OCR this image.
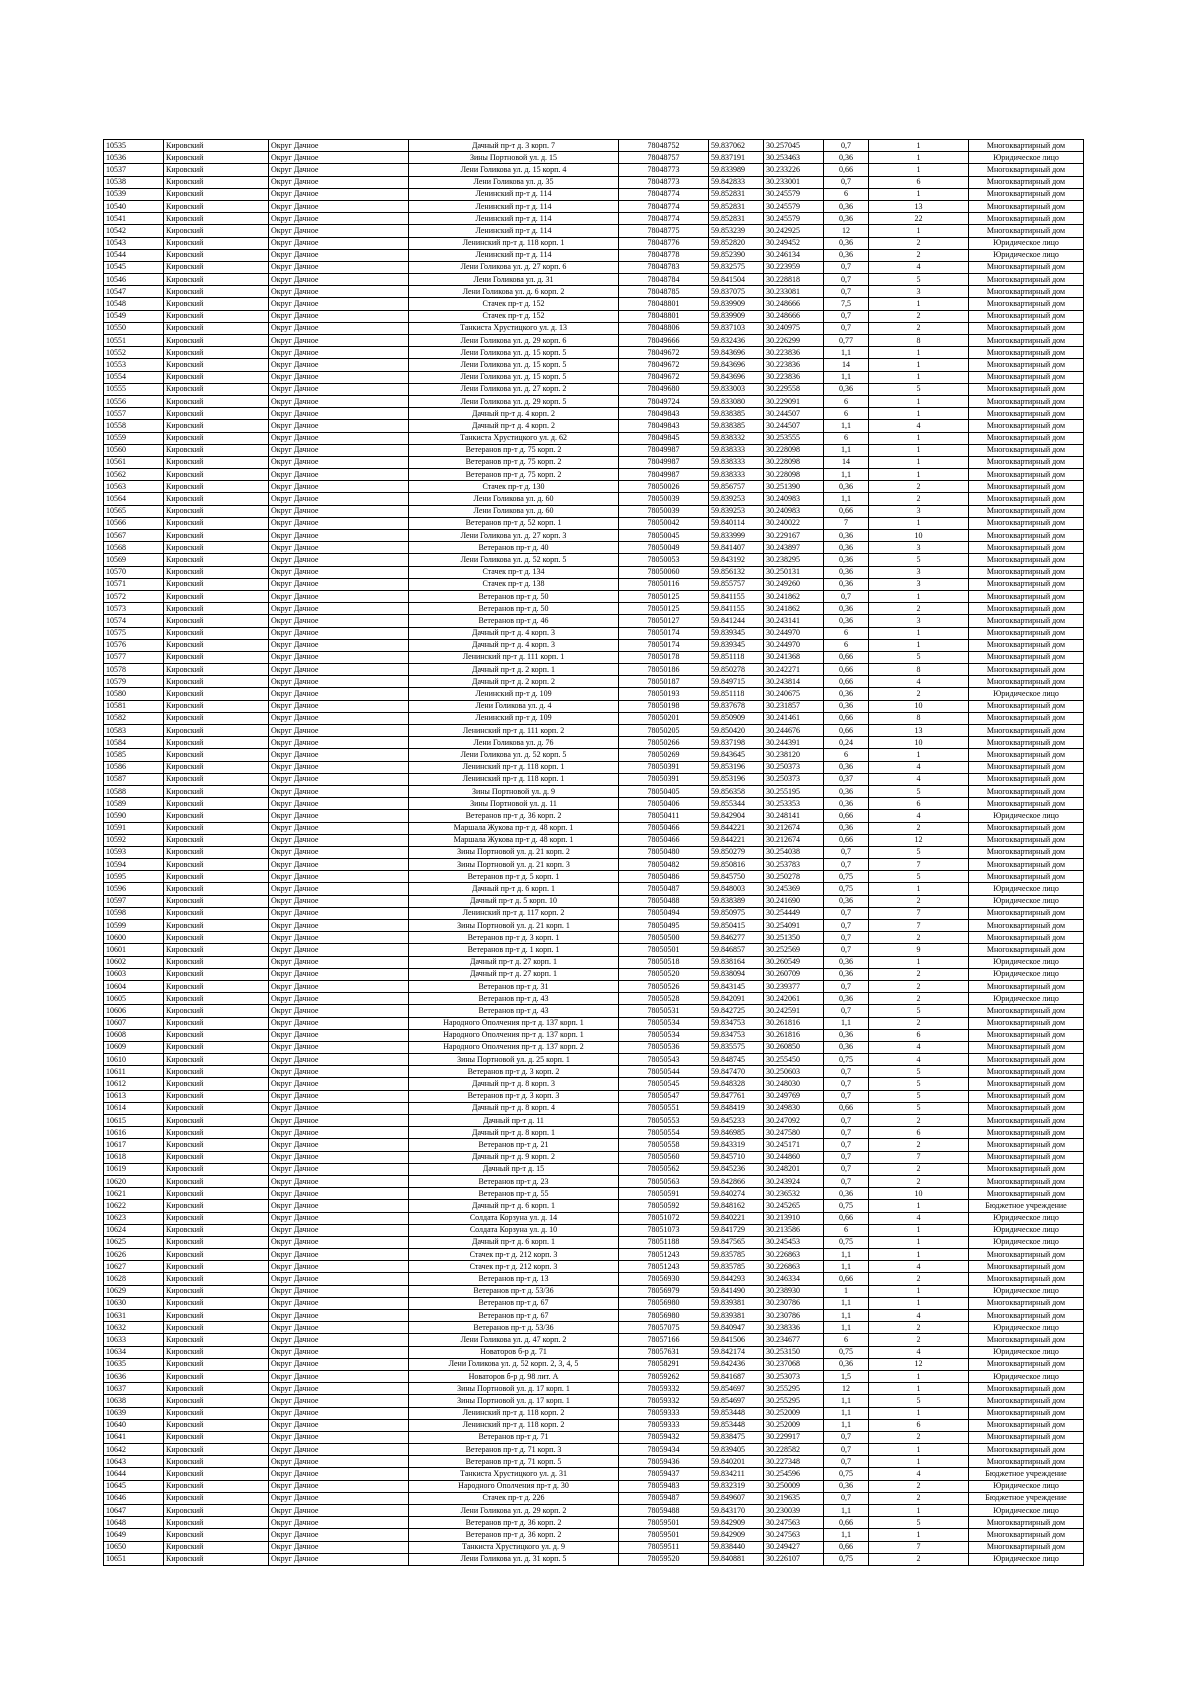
10535	Кировский	Округ Дачное	Дачный пр-т д. 3 корп. 7	78048752	59.837062	30.257045	0,7	1	Многоквартирный дом
10536	Кировский	Округ Дачное	Зины Портновой ул. д. 15	78048757	59.837191	30.253463	0,36	1	Юридическое лицо
10537	Кировский	Округ Дачное	Лени Голикова ул. д. 15 корп. 4	78048773	59.833989	30.233226	0,66	1	Многоквартирный дом
10538	Кировский	Округ Дачное	Лени Голикова ул. д. 35	78048773	59.842833	30.233001	0,7	6	Многоквартирный дом
10539	Кировский	Округ Дачное	Ленинский пр-т д. 114	78048774	59.852831	30.245579	6	1	Многоквартирный дом
10540	Кировский	Округ Дачное	Ленинский пр-т д. 114	78048774	59.852831	30.245579	0,36	13	Многоквартирный дом
10541	Кировский	Округ Дачное	Ленинский пр-т д. 114	78048774	59.852831	30.245579	0,36	22	Многоквартирный дом
10542	Кировский	Округ Дачное	Ленинский пр-т д. 114	78048775	59.853239	30.242925	12	1	Многоквартирный дом
10543	Кировский	Округ Дачное	Ленинский пр-т д. 118 корп. 1	78048776	59.852820	30.249452	0,36	2	Юридическое лицо
10544	Кировский	Округ Дачное	Ленинский пр-т д. 114	78048778	59.852390	30.246134	0,36	2	Юридическое лицо
10545	Кировский	Округ Дачное	Лени Голикова ул. д. 27 корп. 6	78048783	59.832575	30.223959	0,7	4	Многоквартирный дом
10546	Кировский	Округ Дачное	Лени Голикова ул. д. 31	78048784	59.841504	30.228818	0,7	5	Многоквартирный дом
10547	Кировский	Округ Дачное	Лени Голикова ул. д. 6 корп. 2	78048785	59.837075	30.233081	0,7	3	Многоквартирный дом
10548	Кировский	Округ Дачное	Стачек пр-т д. 152	78048801	59.839909	30.248666	7,5	1	Многоквартирный дом
10549	Кировский	Округ Дачное	Стачек пр-т д. 152	78048801	59.839909	30.248666	0,7	2	Многоквартирный дом
10550	Кировский	Округ Дачное	Танкиста Хрустицкого ул. д. 13	78048806	59.837103	30.240975	0,7	2	Многоквартирный дом
10551	Кировский	Округ Дачное	Лени Голикова ул. д. 29 корп. 6	78049666	59.832436	30.226299	0,77	8	Многоквартирный дом
10552	Кировский	Округ Дачное	Лени Голикова ул. д. 15 корп. 5	78049672	59.843696	30.223836	1,1	1	Многоквартирный дом
10553	Кировский	Округ Дачное	Лени Голикова ул. д. 15 корп. 5	78049672	59.843696	30.223836	14	1	Многоквартирный дом
10554	Кировский	Округ Дачное	Лени Голикова ул. д. 15 корп. 5	78049672	59.843696	30.223836	1,1	1	Многоквартирный дом
10555	Кировский	Округ Дачное	Лени Голикова ул. д. 27 корп. 2	78049680	59.833003	30.229558	0,36	5	Многоквартирный дом
10556	Кировский	Округ Дачное	Лени Голикова ул. д. 29 корп. 5	78049724	59.833080	30.229091	6	1	Многоквартирный дом
10557	Кировский	Округ Дачное	Дачный пр-т д. 4 корп. 2	78049843	59.838385	30.244507	6	1	Многоквартирный дом
10558	Кировский	Округ Дачное	Дачный пр-т д. 4 корп. 2	78049843	59.838385	30.244507	1,1	4	Многоквартирный дом
10559	Кировский	Округ Дачное	Танкиста Хрустицкого ул. д. 62	78049845	59.838332	30.253555	6	1	Многоквартирный дом
10560	Кировский	Округ Дачное	Ветеранов пр-т д. 75 корп. 2	78049987	59.838333	30.228098	1,1	1	Многоквартирный дом
10561	Кировский	Округ Дачное	Ветеранов пр-т д. 75 корп. 2	78049987	59.838333	30.228098	14	1	Многоквартирный дом
10562	Кировский	Округ Дачное	Ветеранов пр-т д. 75 корп. 2	78049987	59.838333	30.228098	1,1	1	Многоквартирный дом
10563	Кировский	Округ Дачное	Стачек пр-т д. 130	78050026	59.856757	30.251390	0,36	2	Многоквартирный дом
10564	Кировский	Округ Дачное	Лени Голикова ул. д. 60	78050039	59.839253	30.240983	1,1	2	Многоквартирный дом
10565	Кировский	Округ Дачное	Лени Голикова ул. д. 60	78050039	59.839253	30.240983	0,66	3	Многоквартирный дом
10566	Кировский	Округ Дачное	Ветеранов пр-т д. 52 корп. 1	78050042	59.840114	30.240022	7	1	Многоквартирный дом
10567	Кировский	Округ Дачное	Лени Голикова ул. д. 27 корп. 3	78050045	59.833999	30.229167	0,36	10	Многоквартирный дом
10568	Кировский	Округ Дачное	Ветеранов пр-т д. 40	78050049	59.841407	30.243897	0,36	3	Многоквартирный дом
10569	Кировский	Округ Дачное	Лени Голикова ул. д. 52 корп. 5	78050053	59.843192	30.238295	0,36	5	Многоквартирный дом
10570	Кировский	Округ Дачное	Стачек пр-т д. 134	78050060	59.856132	30.250131	0,36	3	Многоквартирный дом
10571	Кировский	Округ Дачное	Стачек пр-т д. 138	78050116	59.855757	30.249260	0,36	3	Многоквартирный дом
10572	Кировский	Округ Дачное	Ветеранов пр-т д. 50	78050125	59.841155	30.241862	0,7	1	Многоквартирный дом
10573	Кировский	Округ Дачное	Ветеранов пр-т д. 50	78050125	59.841155	30.241862	0,36	2	Многоквартирный дом
10574	Кировский	Округ Дачное	Ветеранов пр-т д. 46	78050127	59.841244	30.243141	0,36	3	Многоквартирный дом
10575	Кировский	Округ Дачное	Дачный пр-т д. 4 корп. 3	78050174	59.839345	30.244970	6	1	Многоквартирный дом
10576	Кировский	Округ Дачное	Дачный пр-т д. 4 корп. 3	78050174	59.839345	30.244970	6	1	Многоквартирный дом
10577	Кировский	Округ Дачное	Ленинский пр-т д. 111 корп. 1	78050178	59.851118	30.241368	0,66	5	Многоквартирный дом
10578	Кировский	Округ Дачное	Дачный пр-т д. 2 корп. 1	78050186	59.850278	30.242271	0,66	8	Многоквартирный дом
10579	Кировский	Округ Дачное	Дачный пр-т д. 2 корп. 2	78050187	59.849715	30.243814	0,66	4	Многоквартирный дом
10580	Кировский	Округ Дачное	Ленинский пр-т д. 109	78050193	59.851118	30.240675	0,36	2	Юридическое лицо
10581	Кировский	Округ Дачное	Лени Голикова ул. д. 4	78050198	59.837678	30.231857	0,36	10	Многоквартирный дом
10582	Кировский	Округ Дачное	Ленинский пр-т д. 109	78050201	59.850909	30.241461	0,66	8	Многоквартирный дом
10583	Кировский	Округ Дачное	Ленинский пр-т д. 111 корп. 2	78050205	59.850420	30.244676	0,66	13	Многоквартирный дом
10584	Кировский	Округ Дачное	Лени Голикова ул. д. 76	78050266	59.837198	30.244391	0,24	10	Многоквартирный дом
10585	Кировский	Округ Дачное	Лени Голикова ул. д. 52 корп. 5	78050269	59.843645	30.238120	6	1	Многоквартирный дом
10586	Кировский	Округ Дачное	Ленинский пр-т д. 118 корп. 1	78050391	59.853196	30.250373	0,36	4	Многоквартирный дом
10587	Кировский	Округ Дачное	Ленинский пр-т д. 118 корп. 1	78050391	59.853196	30.250373	0,37	4	Многоквартирный дом
10588	Кировский	Округ Дачное	Зины Портновой ул. д. 9	78050405	59.856358	30.255195	0,36	5	Многоквартирный дом
10589	Кировский	Округ Дачное	Зины Портновой ул. д. 11	78050406	59.855344	30.253353	0,36	6	Многоквартирный дом
10590	Кировский	Округ Дачное	Ветеранов пр-т д. 36 корп. 2	78050411	59.842904	30.248141	0,66	4	Юридическое лицо
10591	Кировский	Округ Дачное	Маршала Жукова пр-т д. 48 корп. 1	78050466	59.844221	30.212674	0,36	2	Многоквартирный дом
10592	Кировский	Округ Дачное	Маршала Жукова пр-т д. 48 корп. 1	78050466	59.844221	30.212674	0,66	12	Многоквартирный дом
10593	Кировский	Округ Дачное	Зины Портновой ул. д. 21 корп. 2	78050480	59.850279	30.254038	0,7	5	Многоквартирный дом
10594	Кировский	Округ Дачное	Зины Портновой ул. д. 21 корп. 3	78050482	59.850816	30.253783	0,7	7	Многоквартирный дом
10595	Кировский	Округ Дачное	Ветеранов пр-т д. 5 корп. 1	78050486	59.845750	30.250278	0,75	5	Многоквартирный дом
10596	Кировский	Округ Дачное	Дачный пр-т д. 6 корп. 1	78050487	59.848003	30.245369	0,75	1	Юридическое лицо
10597	Кировский	Округ Дачное	Дачный пр-т д. 5 корп. 10	78050488	59.838389	30.241690	0,36	2	Юридическое лицо
10598	Кировский	Округ Дачное	Ленинский пр-т д. 117 корп. 2	78050494	59.850975	30.254449	0,7	7	Многоквартирный дом
10599	Кировский	Округ Дачное	Зины Портновой ул. д. 21 корп. 1	78050495	59.850415	30.254091	0,7	7	Многоквартирный дом
10600	Кировский	Округ Дачное	Ветеранов пр-т д. 3 корп. 1	78050500	59.846277	30.251350	0,7	2	Многоквартирный дом
10601	Кировский	Округ Дачное	Ветеранов пр-т д. 1 корп. 1	78050501	59.846857	30.252569	0,7	9	Многоквартирный дом
10602	Кировский	Округ Дачное	Дачный пр-т д. 27 корп. 1	78050518	59.838164	30.260549	0,36	1	Юридическое лицо
10603	Кировский	Округ Дачное	Дачный пр-т д. 27 корп. 1	78050520	59.838094	30.260709	0,36	2	Юридическое лицо
10604	Кировский	Округ Дачное	Ветеранов пр-т д. 31	78050526	59.843145	30.239377	0,7	2	Многоквартирный дом
10605	Кировский	Округ Дачное	Ветеранов пр-т д. 43	78050528	59.842091	30.242061	0,36	2	Юридическое лицо
10606	Кировский	Округ Дачное	Ветеранов пр-т д. 43	78050531	59.842725	30.242591	0,7	5	Многоквартирный дом
10607	Кировский	Округ Дачное	Народного Ополчения пр-т д. 137 корп. 1	78050534	59.834753	30.261816	1,1	2	Многоквартирный дом
10608	Кировский	Округ Дачное	Народного Ополчения пр-т д. 137 корп. 1	78050534	59.834753	30.261816	0,36	6	Многоквартирный дом
10609	Кировский	Округ Дачное	Народного Ополчения пр-т д. 137 корп. 2	78050536	59.835575	30.260850	0,36	4	Многоквартирный дом
10610	Кировский	Округ Дачное	Зины Портновой ул. д. 25 корп. 1	78050543	59.848745	30.255450	0,75	4	Многоквартирный дом
10611	Кировский	Округ Дачное	Ветеранов пр-т д. 3 корп. 2	78050544	59.847470	30.250603	0,7	5	Многоквартирный дом
10612	Кировский	Округ Дачное	Дачный пр-т д. 8 корп. 3	78050545	59.848328	30.248030	0,7	5	Многоквартирный дом
10613	Кировский	Округ Дачное	Ветеранов пр-т д. 3 корп. 3	78050547	59.847761	30.249769	0,7	5	Многоквартирный дом
10614	Кировский	Округ Дачное	Дачный пр-т д. 8 корп. 4	78050551	59.848419	30.249830	0,66	5	Многоквартирный дом
10615	Кировский	Округ Дачное	Дачный пр-т д. 11	78050553	59.845233	30.247092	0,7	2	Многоквартирный дом
10616	Кировский	Округ Дачное	Дачный пр-т д. 8 корп. 1	78050554	59.846985	30.247580	0,7	6	Многоквартирный дом
10617	Кировский	Округ Дачное	Ветеранов пр-т д. 21	78050558	59.843319	30.245171	0,7	2	Многоквартирный дом
10618	Кировский	Округ Дачное	Дачный пр-т д. 9 корп. 2	78050560	59.845710	30.244860	0,7	7	Многоквартирный дом
10619	Кировский	Округ Дачное	Дачный пр-т д. 15	78050562	59.845236	30.248201	0,7	2	Многоквартирный дом
10620	Кировский	Округ Дачное	Ветеранов пр-т д. 23	78050563	59.842866	30.243924	0,7	2	Многоквартирный дом
10621	Кировский	Округ Дачное	Ветеранов пр-т д. 55	78050591	59.840274	30.236532	0,36	10	Многоквартирный дом
10622	Кировский	Округ Дачное	Дачный пр-т д. 6 корп. 1	78050592	59.848162	30.245265	0,75	1	Бюджетное учреждение
10623	Кировский	Округ Дачное	Солдата Корзуна ул. д. 14	78051072	59.840221	30.213910	0,66	4	Юридическое лицо
10624	Кировский	Округ Дачное	Солдата Корзуна ул. д. 10	78051073	59.841729	30.213586	6	1	Юридическое лицо
10625	Кировский	Округ Дачное	Дачный пр-т д. 6 корп. 1	78051188	59.847565	30.245453	0,75	1	Юридическое лицо
10626	Кировский	Округ Дачное	Стачек пр-т д. 212 корп. 3	78051243	59.835785	30.226863	1,1	1	Многоквартирный дом
10627	Кировский	Округ Дачное	Стачек пр-т д. 212 корп. 3	78051243	59.835785	30.226863	1,1	4	Многоквартирный дом
10628	Кировский	Округ Дачное	Ветеранов пр-т д. 13	78056930	59.844293	30.246334	0,66	2	Многоквартирный дом
10629	Кировский	Округ Дачное	Ветеранов пр-т д. 53/36	78056979	59.841490	30.238930	1	1	Юридическое лицо
10630	Кировский	Округ Дачное	Ветеранов пр-т д. 67	78056980	59.839381	30.230786	1,1	1	Многоквартирный дом
10631	Кировский	Округ Дачное	Ветеранов пр-т д. 67	78056980	59.839381	30.230786	1,1	4	Многоквартирный дом
10632	Кировский	Округ Дачное	Ветеранов пр-т д. 53/36	78057075	59.840947	30.238336	1,1	2	Юридическое лицо
10633	Кировский	Округ Дачное	Лени Голикова ул. д. 47 корп. 2	78057166	59.841506	30.234677	6	2	Многоквартирный дом
10634	Кировский	Округ Дачное	Новаторов б-р д. 71	78057631	59.842174	30.253150	0,75	4	Юридическое лицо
10635	Кировский	Округ Дачное	Лени Голикова ул. д. 52 корп. 2, 3, 4, 5	78058291	59.842436	30.237068	0,36	12	Многоквартирный дом
10636	Кировский	Округ Дачное	Новаторов б-р д. 98 лит. А	78059262	59.841687	30.253073	1,5	1	Юридическое лицо
10637	Кировский	Округ Дачное	Зины Портновой ул. д. 17 корп. 1	78059332	59.854697	30.255295	12	1	Многоквартирный дом
10638	Кировский	Округ Дачное	Зины Портновой ул. д. 17 корп. 1	78059332	59.854697	30.255295	1,1	5	Многоквартирный дом
10639	Кировский	Округ Дачное	Ленинский пр-т д. 118 корп. 2	78059333	59.853448	30.252009	1,1	1	Многоквартирный дом
10640	Кировский	Округ Дачное	Ленинский пр-т д. 118 корп. 2	78059333	59.853448	30.252009	1,1	6	Многоквартирный дом
10641	Кировский	Округ Дачное	Ветеранов пр-т д. 71	78059432	59.838475	30.229917	0,7	2	Многоквартирный дом
10642	Кировский	Округ Дачное	Ветеранов пр-т д. 71 корп. 3	78059434	59.839405	30.228582	0,7	1	Многоквартирный дом
10643	Кировский	Округ Дачное	Ветеранов пр-т д. 71 корп. 5	78059436	59.840201	30.227348	0,7	1	Многоквартирный дом
10644	Кировский	Округ Дачное	Танкиста Хрустицкого ул. д. 31	78059437	59.834211	30.254596	0,75	4	Бюджетное учреждение
10645	Кировский	Округ Дачное	Народного Ополчения пр-т д. 30	78059483	59.832319	30.250009	0,36	2	Юридическое лицо
10646	Кировский	Округ Дачное	Стачек пр-т д. 226	78059487	59.849607	30.219635	0,7	2	Бюджетное учреждение
10647	Кировский	Округ Дачное	Лени Голикова ул. д. 29 корп. 2	78059488	59.843170	30.230039	1,1	1	Юридическое лицо
10648	Кировский	Округ Дачное	Ветеранов пр-т д. 36 корп. 2	78059501	59.842909	30.247563	0,66	5	Многоквартирный дом
10649	Кировский	Округ Дачное	Ветеранов пр-т д. 36 корп. 2	78059501	59.842909	30.247563	1,1	1	Многоквартирный дом
10650	Кировский	Округ Дачное	Танкиста Хрустицкого ул. д. 9	78059511	59.838440	30.249427	0,66	7	Многоквартирный дом
10651	Кировский	Округ Дачное	Лени Голикова ул. д. 31 корп. 5	78059520	59.840881	30.226107	0,75	2	Юридическое лицо
